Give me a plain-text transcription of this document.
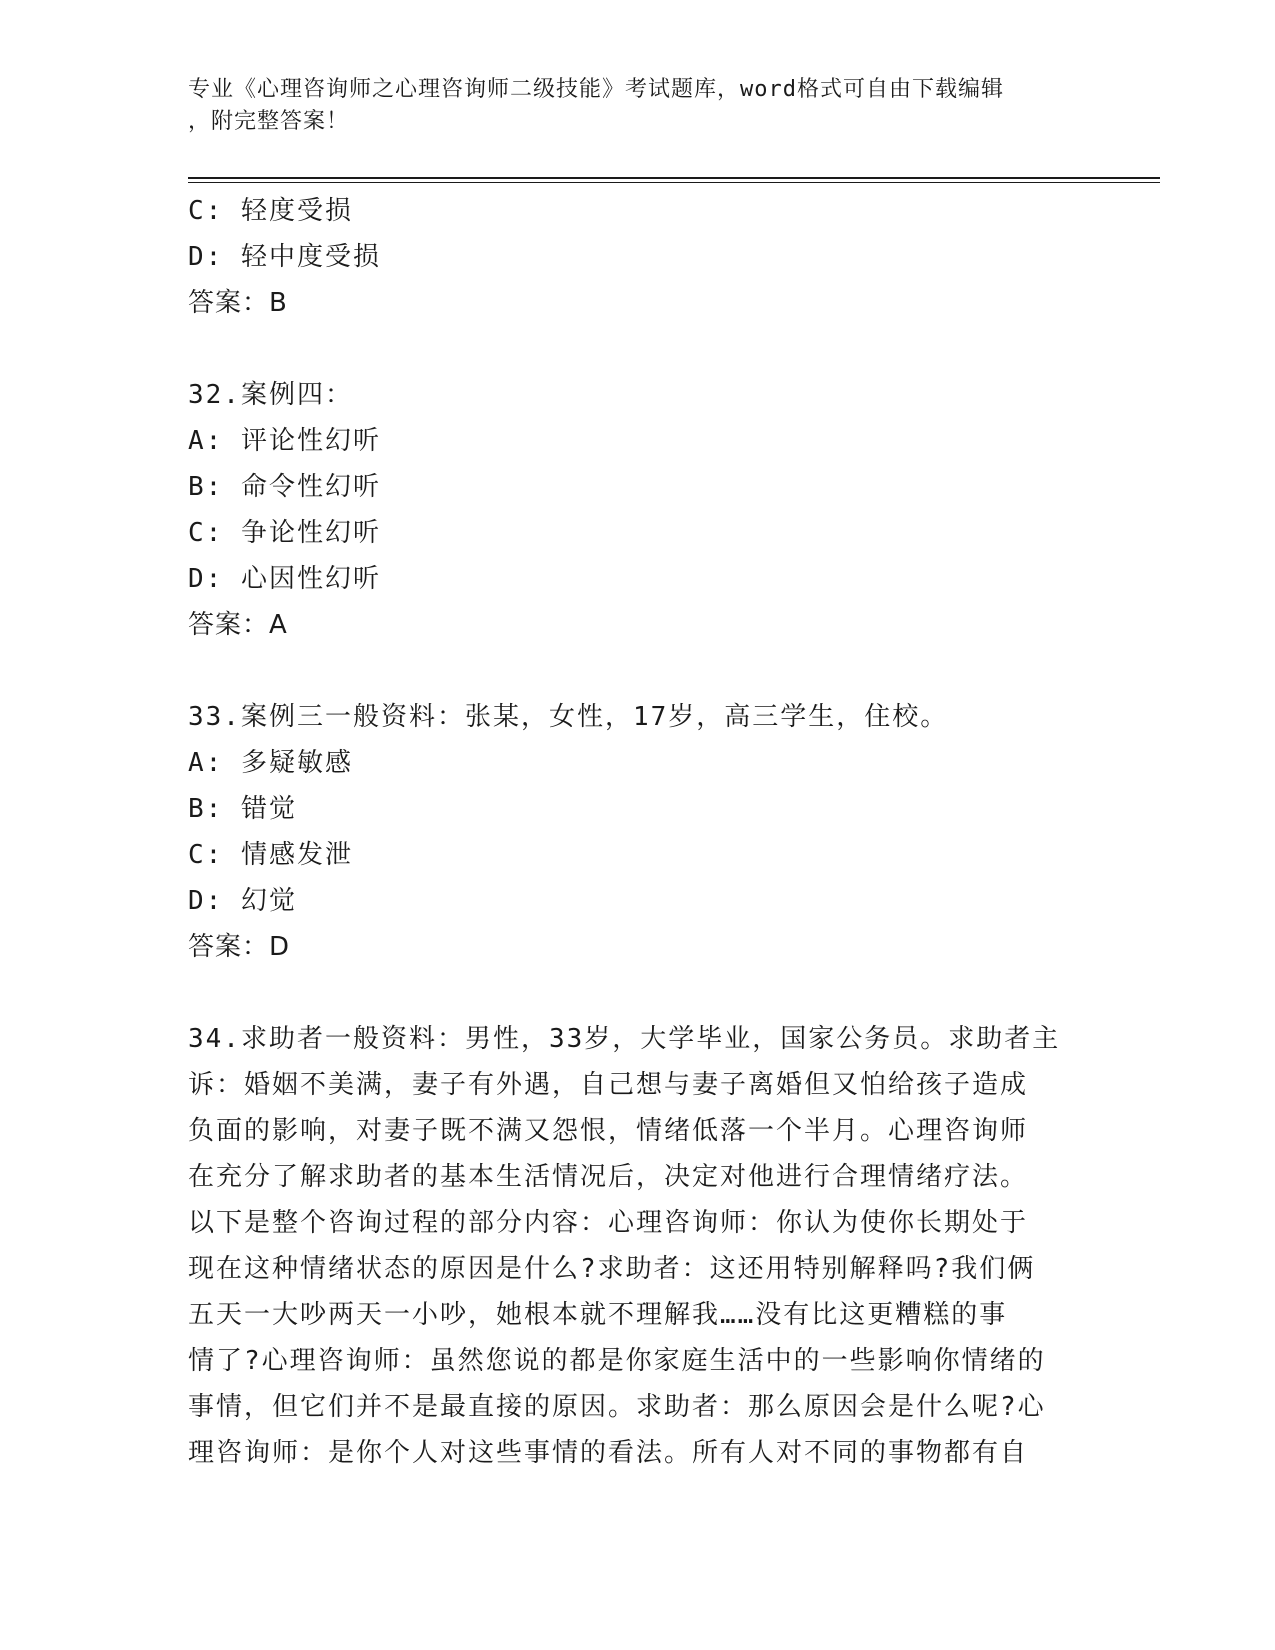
专业《心理咨询师之心理咨询师二级技能》考试题库，word格式可自由下载编辑
，附完整答案！
C: 轻度受损
D: 轻中度受损
答案：B
32.案例四：
A: 评论性幻听
B: 命令性幻听
C: 争论性幻听
D: 心因性幻听
答案：A
33.案例三一般资料：张某，女性，17岁，高三学生，住校。
A: 多疑敏感
B: 错觉
C: 情感发泄
D: 幻觉
答案：D
34.求助者一般资料：男性，33岁，大学毕业，国家公务员。求助者主
诉：婚姻不美满，妻子有外遇，自己想与妻子离婚但又怕给孩子造成
负面的影响，对妻子既不满又怨恨，情绪低落一个半月。心理咨询师
在充分了解求助者的基本生活情况后，决定对他进行合理情绪疗法。
以下是整个咨询过程的部分内容：心理咨询师：你认为使你长期处于
现在这种情绪状态的原因是什么?求助者：这还用特别解释吗?我们俩
五天一大吵两天一小吵，她根本就不理解我……没有比这更糟糕的事
情了?心理咨询师：虽然您说的都是你家庭生活中的一些影响你情绪的
事情，但它们并不是最直接的原因。求助者：那么原因会是什么呢?心
理咨询师：是你个人对这些事情的看法。所有人对不同的事物都有自
